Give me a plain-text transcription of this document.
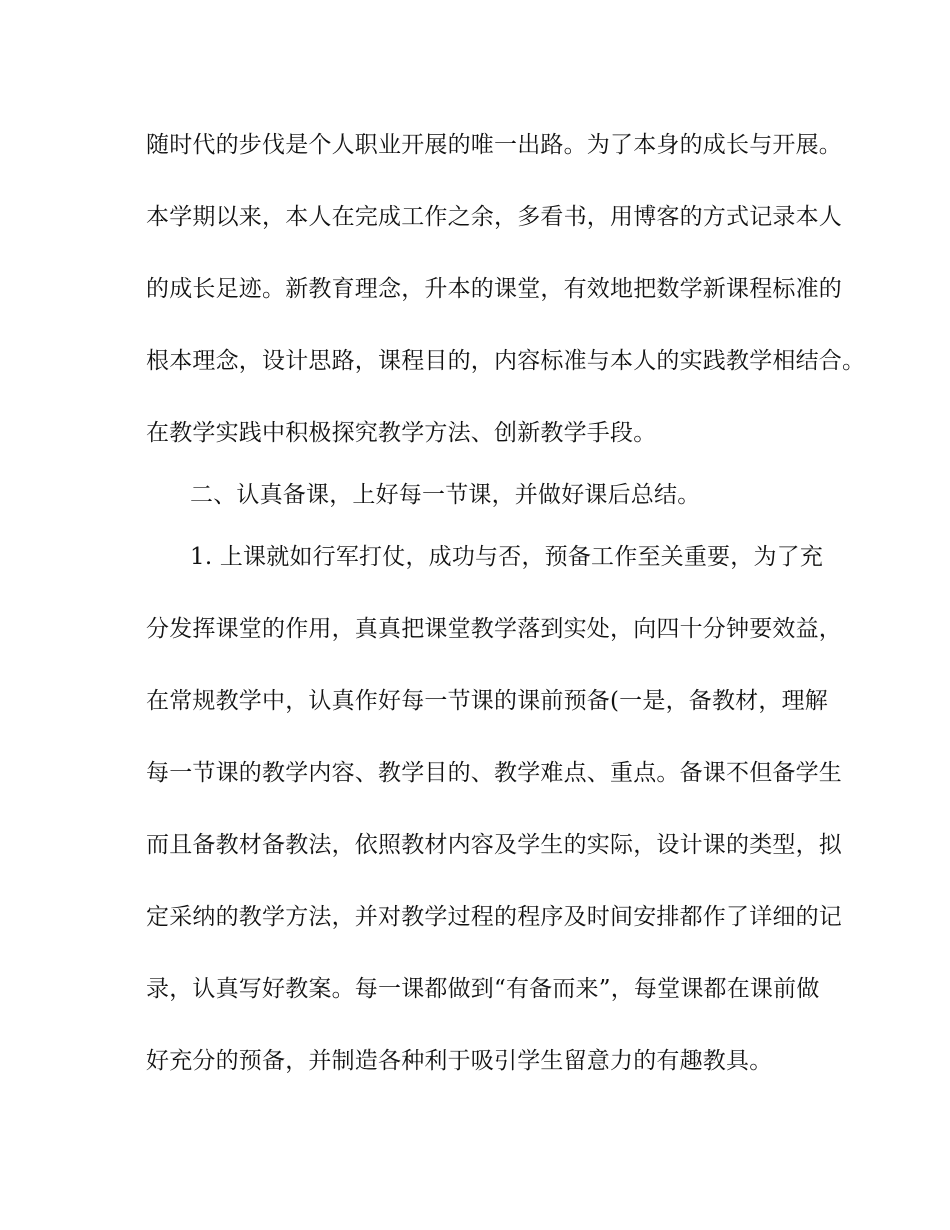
随时代的步伐是个人职业开展的唯一出路。为了本身的成长与开展。
本学期以来，本人在完成工作之余，多看书，用博客的方式记录本人
的成长足迹。新教育理念，升本的课堂，有效地把数学新课程标准的
根本理念，设计思路，课程目的，内容标准与本人的实践教学相结合。
在教学实践中积极探究教学方法、创新教学手段。
二、认真备课，上好每一节课，并做好课后总结。
1. 上课就如行军打仗，成功与否，预备工作至关重要，为了充
分发挥课堂的作用，真真把课堂教学落到实处，向四十分钟要效益，
在常规教学中，认真作好每一节课的课前预备(一是，备教材，理解
每一节课的教学内容、教学目的、教学难点、重点。备课不但备学生
而且备教材备教法，依照教材内容及学生的实际，设计课的类型，拟
定采纳的教学方法，并对教学过程的程序及时间安排都作了详细的记
录，认真写好教案。每一课都做到“有备而来”，每堂课都在课前做
好充分的预备，并制造各种利于吸引学生留意力的有趣教具。
